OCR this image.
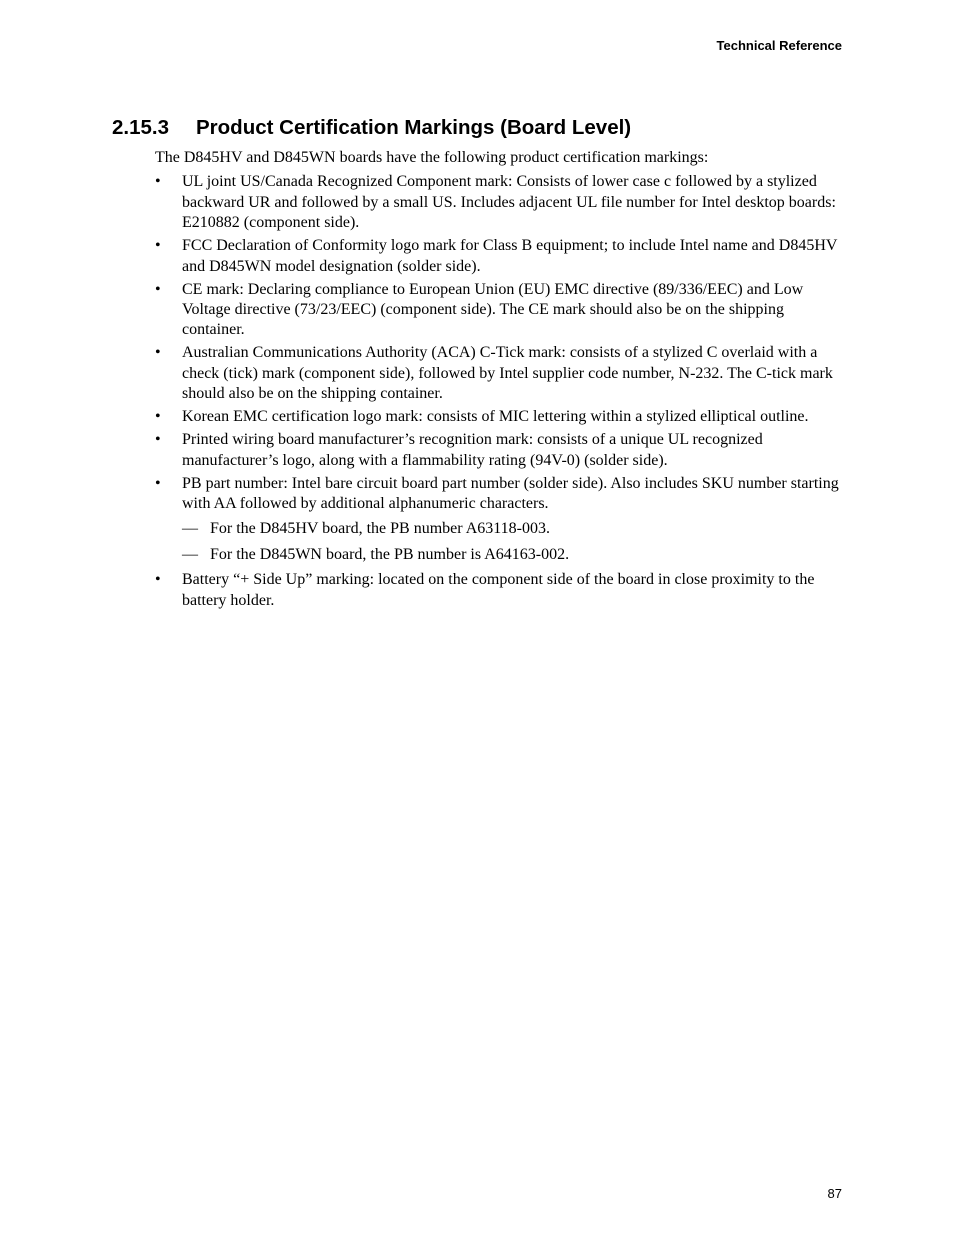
Technical Reference
2.15.3 Product Certification Markings (Board Level)

The D845HV and D845WN boards have the following product certification markings:

•	UL joint US/Canada Recognized Component mark: Consists of lower case c followed by a stylized backward UR and followed by a small US. Includes adjacent UL file number for Intel desktop boards: E210882 (component side).
•	FCC Declaration of Conformity logo mark for Class B equipment; to include Intel name and D845HV and D845WN model designation (solder side).
•	CE mark: Declaring compliance to European Union (EU) EMC directive (89/336/EEC) and Low Voltage directive (73/23/EEC) (component side). The CE mark should also be on the shipping container.
•	Australian Communications Authority (ACA) C-Tick mark: consists of a stylized C overlaid with a check (tick) mark (component side), followed by Intel supplier code number, N-232. The C-tick mark should also be on the shipping container.
•	Korean EMC certification logo mark: consists of MIC lettering within a stylized elliptical outline.
•	Printed wiring board manufacturer’s recognition mark: consists of a unique UL recognized manufacturer’s logo, along with a flammability rating (94V-0) (solder side).
•	PB part number: Intel bare circuit board part number (solder side). Also includes SKU number starting with AA followed by additional alphanumeric characters.
— For the D845HV board, the PB number A63118-003.
— For the D845WN board, the PB number is A64163-002.
•	Battery “+ Side Up” marking: located on the component side of the board in close proximity to the battery holder.
87
